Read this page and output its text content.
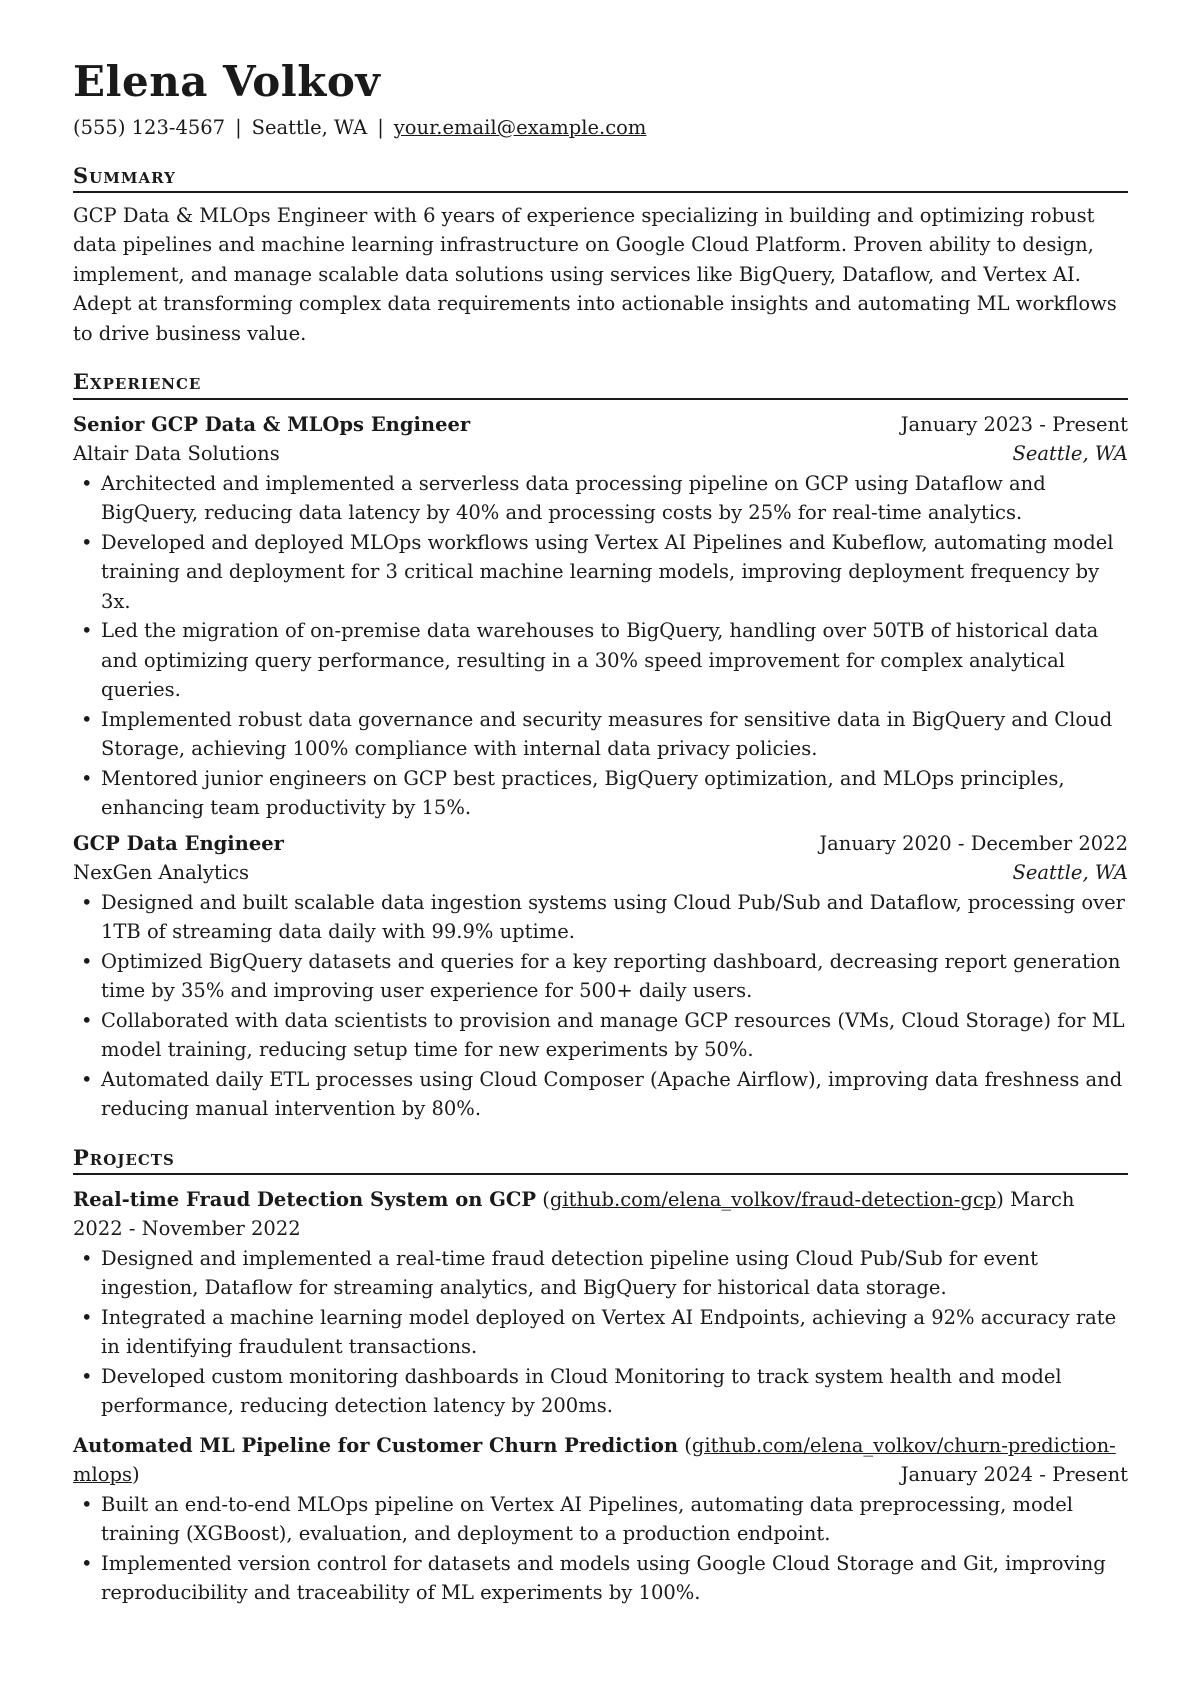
Elena Volkov
(555) 123-4567 | Seattle, WA | your.email@example.com
Summary

GCP Data & MLOps Engineer with 6 years of experience specializing in building and optimizing robust data pipelines and machine learning infrastructure on Google Cloud Platform. Proven ability to design, implement, and manage scalable data solutions using services like BigQuery, Dataflow, and Vertex AI. Adept at transforming complex data requirements into actionable insights and automating ML workflows to drive business value.

Experience
Senior GCP Data & MLOps Engineer	January 2023 - Present
Altair Data Solutions	Seattle, WA
• Architected and implemented a serverless data processing pipeline on GCP using Dataflow and BigQuery, reducing data latency by 40% and processing costs by 25% for real-time analytics.
• Developed and deployed MLOps workflows using Vertex AI Pipelines and Kubeflow, automating model training and deployment for 3 critical machine learning models, improving deployment frequency by 3x.
• Led the migration of on-premise data warehouses to BigQuery, handling over 50TB of historical data and optimizing query performance, resulting in a 30% speed improvement for complex analytical queries.
• Implemented robust data governance and security measures for sensitive data in BigQuery and Cloud Storage, achieving 100% compliance with internal data privacy policies.
• Mentored junior engineers on GCP best practices, BigQuery optimization, and MLOps principles, enhancing team productivity by 15%.
GCP Data Engineer	January 2020 - December 2022
NexGen Analytics	Seattle, WA
• Designed and built scalable data ingestion systems using Cloud Pub/Sub and Dataflow, processing over 1TB of streaming data daily with 99.9% uptime.
• Optimized BigQuery datasets and queries for a key reporting dashboard, decreasing report generation time by 35% and improving user experience for 500+ daily users.
• Collaborated with data scientists to provision and manage GCP resources (VMs, Cloud Storage) for ML model training, reducing setup time for new experiments by 50%.
• Automated daily ETL processes using Cloud Composer (Apache Airflow), improving data freshness and reducing manual intervention by 80%.
Projects
Real-time Fraud Detection System on GCP (github.com/elena_volkov/fraud-detection-gcp) March 2022 - November 2022
• Designed and implemented a real-time fraud detection pipeline using Cloud Pub/Sub for event ingestion, Dataflow for streaming analytics, and BigQuery for historical data storage.
• Integrated a machine learning model deployed on Vertex AI Endpoints, achieving a 92% accuracy rate in identifying fraudulent transactions.
• Developed custom monitoring dashboards in Cloud Monitoring to track system health and model performance, reducing detection latency by 200ms.
Automated ML Pipeline for Customer Churn Prediction (github.com/elena_volkov/churn-prediction-mlops)	January 2024 - Present
• Built an end-to-end MLOps pipeline on Vertex AI Pipelines, automating data preprocessing, model training (XGBoost), evaluation, and deployment to a production endpoint.
• Implemented version control for datasets and models using Google Cloud Storage and Git, improving reproducibility and traceability of ML experiments by 100%.
